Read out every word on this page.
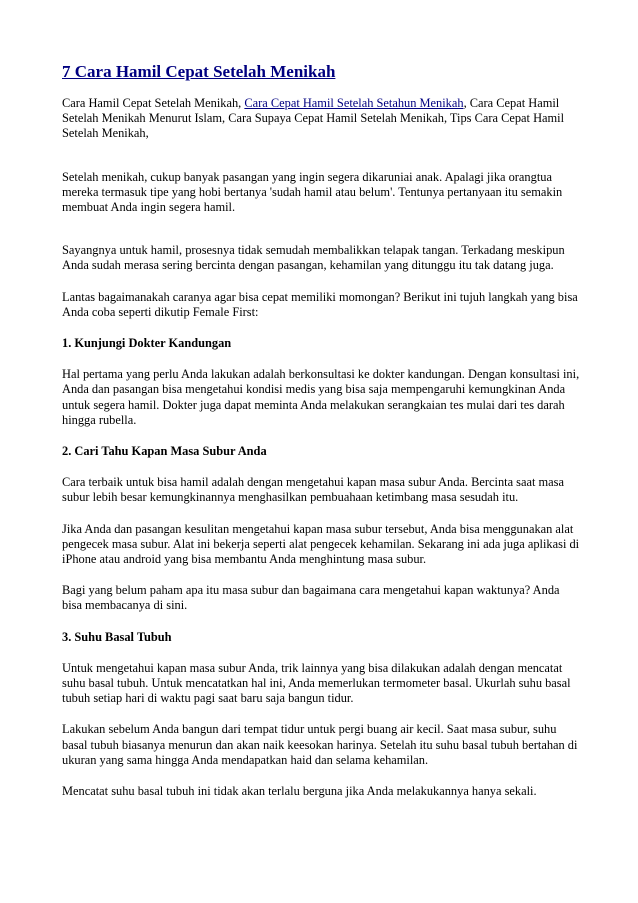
7 Cara Hamil Cepat Setelah Menikah

Cara Hamil Cepat Setelah Menikah, Cara Cepat Hamil Setelah Setahun Menikah, Cara Cepat Hamil Setelah Menikah Menurut Islam, Cara Supaya Cepat Hamil Setelah Menikah, Tips Cara Cepat Hamil Setelah Menikah,

Setelah menikah, cukup banyak pasangan yang ingin segera dikaruniai anak. Apalagi jika orangtua mereka termasuk tipe yang hobi bertanya 'sudah hamil atau belum'. Tentunya pertanyaan itu semakin membuat Anda ingin segera hamil.

Sayangnya untuk hamil, prosesnya tidak semudah membalikkan telapak tangan. Terkadang meskipun Anda sudah merasa sering bercinta dengan pasangan, kehamilan yang ditunggu itu tak datang juga.

Lantas bagaimanakah caranya agar bisa cepat memiliki momongan? Berikut ini tujuh langkah yang bisa Anda coba seperti dikutip Female First:

1. Kunjungi Dokter Kandungan

Hal pertama yang perlu Anda lakukan adalah berkonsultasi ke dokter kandungan. Dengan konsultasi ini, Anda dan pasangan bisa mengetahui kondisi medis yang bisa saja mempengaruhi kemungkinan Anda untuk segera hamil. Dokter juga dapat meminta Anda melakukan serangkaian tes mulai dari tes darah hingga rubella.

2. Cari Tahu Kapan Masa Subur Anda

Cara terbaik untuk bisa hamil adalah dengan mengetahui kapan masa subur Anda. Bercinta saat masa subur lebih besar kemungkinannya menghasilkan pembuahaan ketimbang masa sesudah itu.

Jika Anda dan pasangan kesulitan mengetahui kapan masa subur tersebut, Anda bisa menggunakan alat pengecek masa subur. Alat ini bekerja seperti alat pengecek kehamilan. Sekarang ini ada juga aplikasi di iPhone atau android yang bisa membantu Anda menghintung masa subur.

Bagi yang belum paham apa itu masa subur dan bagaimana cara mengetahui kapan waktunya? Anda bisa membacanya di sini.

3. Suhu Basal Tubuh

Untuk mengetahui kapan masa subur Anda, trik lainnya yang bisa dilakukan adalah dengan mencatat suhu basal tubuh. Untuk mencatatkan hal ini, Anda memerlukan termometer basal. Ukurlah suhu basal tubuh setiap hari di waktu pagi saat baru saja bangun tidur.

Lakukan sebelum Anda bangun dari tempat tidur untuk pergi buang air kecil. Saat masa subur, suhu basal tubuh biasanya menurun dan akan naik keesokan harinya. Setelah itu suhu basal tubuh bertahan di ukuran yang sama hingga Anda mendapatkan haid dan selama kehamilan.

Mencatat suhu basal tubuh ini tidak akan terlalu berguna jika Anda melakukannya hanya sekali.
